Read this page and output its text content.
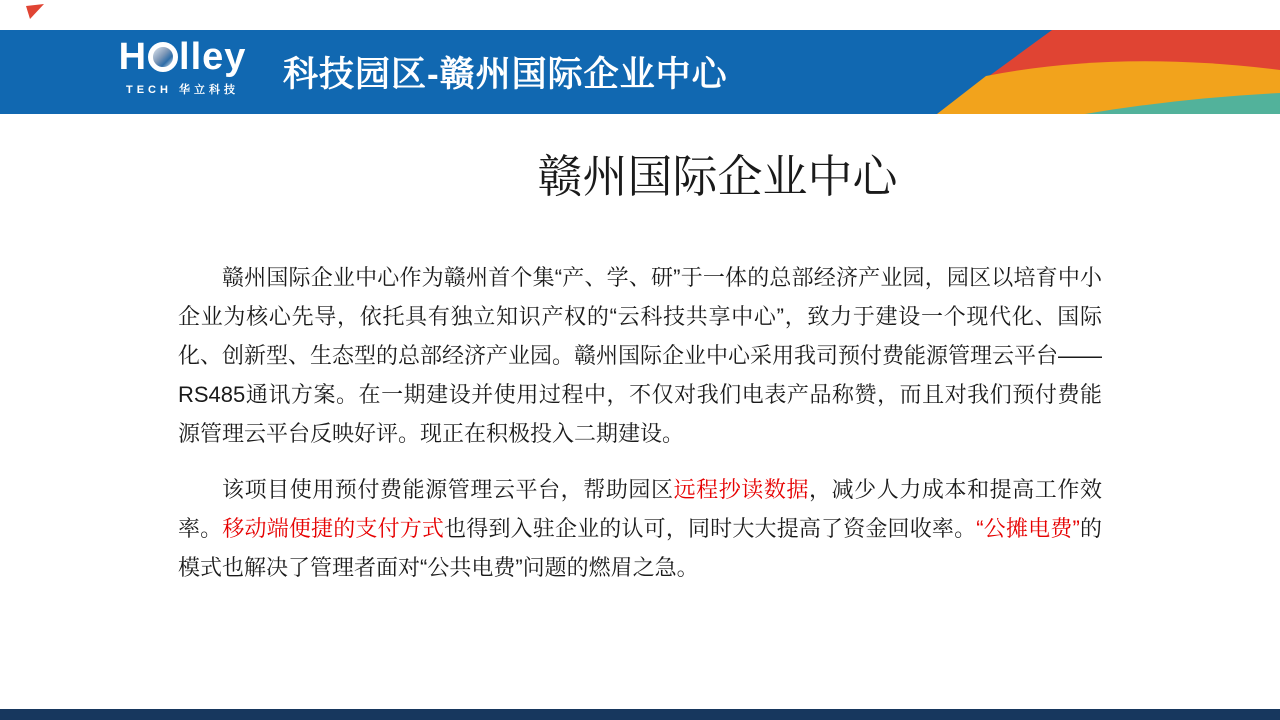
H lley
TECH 华立科技	科技园区-赣州国际企业中心
赣州国际企业中心

赣州国际企业中心作为赣州首个集“产、学、研”于一体的总部经济产业园，园区以培育中小企业为核心先导，依托具有独立知识产权的“云科技共享中心”，致力于建设一个现代化、国际化、创新型、生态型的总部经济产业园。赣州国际企业中心采用我司预付费能源管理云平台——RS485通讯方案。在一期建设并使用过程中，不仅对我们电表产品称赞，而且对我们预付费能源管理云平台反映好评。现正在积极投入二期建设。

该项目使用预付费能源管理云平台，帮助园区远程抄读数据，减少人力成本和提高工作效率。移动端便捷的支付方式也得到入驻企业的认可，同时大大提高了资金回收率。“公摊电费”的模式也解决了管理者面对“公共电费”问题的燃眉之急。
